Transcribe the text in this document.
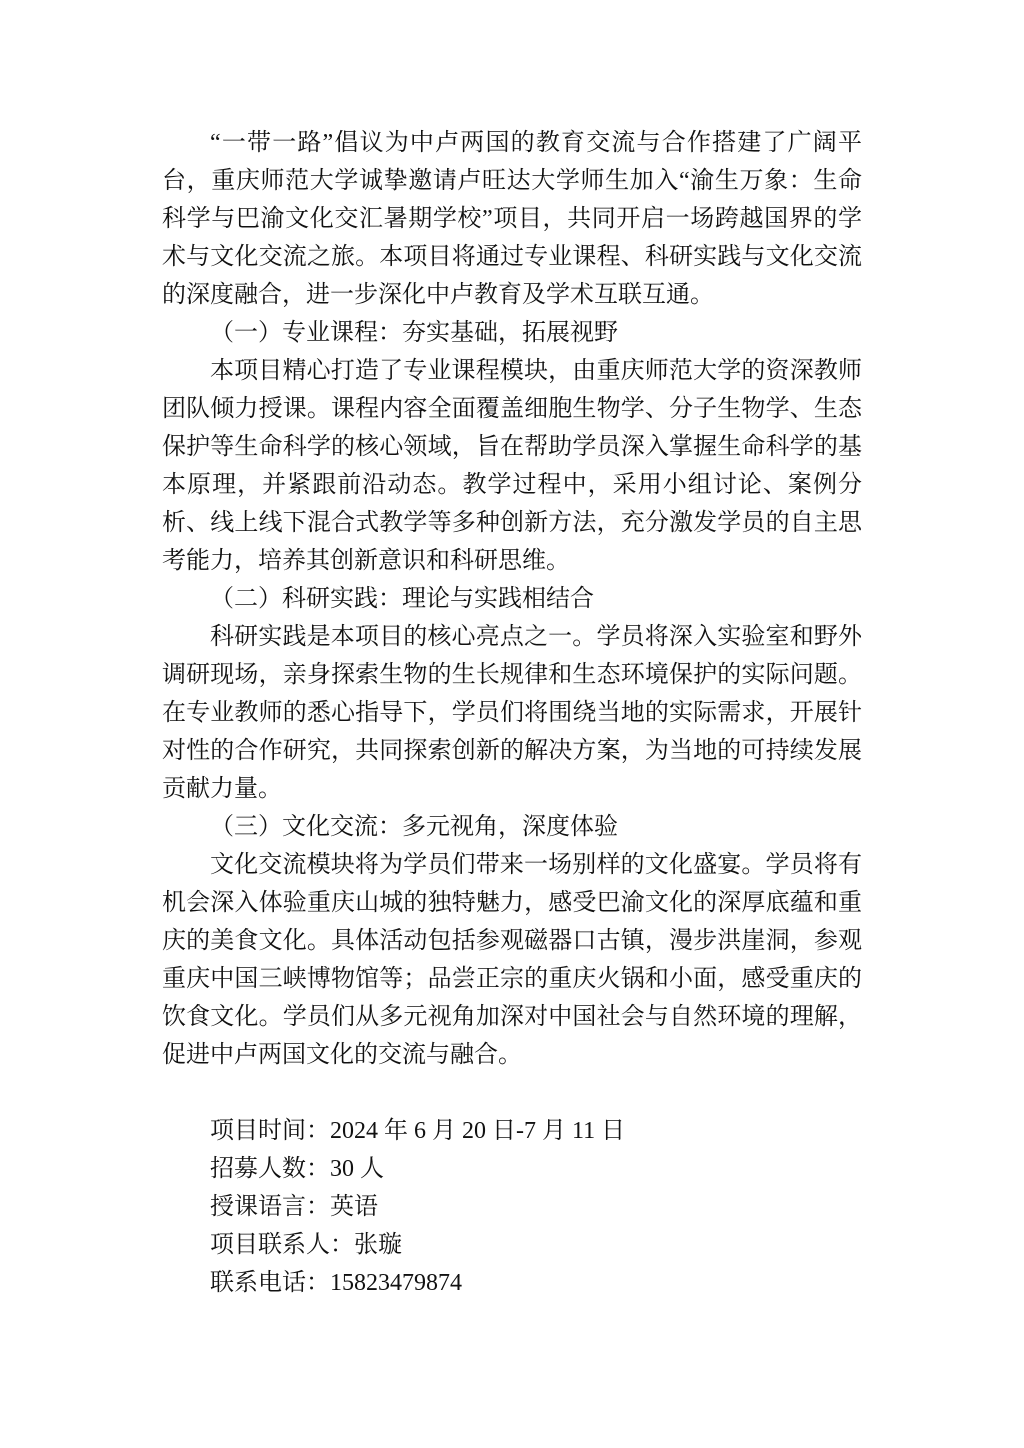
“一带一路”倡议为中卢两国的教育交流与合作搭建了广阔平台，重庆师范大学诚挚邀请卢旺达大学师生加入“渝生万象：生命科学与巴渝文化交汇暑期学校”项目，共同开启一场跨越国界的学术与文化交流之旅。本项目将通过专业课程、科研实践与文化交流的深度融合，进一步深化中卢教育及学术互联互通。

（一）专业课程：夯实基础，拓展视野

本项目精心打造了专业课程模块，由重庆师范大学的资深教师团队倾力授课。课程内容全面覆盖细胞生物学、分子生物学、生态保护等生命科学的核心领域，旨在帮助学员深入掌握生命科学的基本原理，并紧跟前沿动态。教学过程中，采用小组讨论、案例分析、线上线下混合式教学等多种创新方法，充分激发学员的自主思考能力，培养其创新意识和科研思维。

（二）科研实践：理论与实践相结合

科研实践是本项目的核心亮点之一。学员将深入实验室和野外调研现场，亲身探索生物的生长规律和生态环境保护的实际问题。在专业教师的悉心指导下，学员们将围绕当地的实际需求，开展针对性的合作研究，共同探索创新的解决方案，为当地的可持续发展贡献力量。

（三）文化交流：多元视角，深度体验

文化交流模块将为学员们带来一场别样的文化盛宴。学员将有机会深入体验重庆山城的独特魅力，感受巴渝文化的深厚底蕴和重庆的美食文化。具体活动包括参观磁器口古镇，漫步洪崖洞，参观重庆中国三峡博物馆等；品尝正宗的重庆火锅和小面，感受重庆的饮食文化。学员们从多元视角加深对中国社会与自然环境的理解，促进中卢两国文化的交流与融合。

项目时间：2024 年 6 月 20 日-7 月 11 日

招募人数：30 人

授课语言：英语

项目联系人：张璇

联系电话：15823479874
